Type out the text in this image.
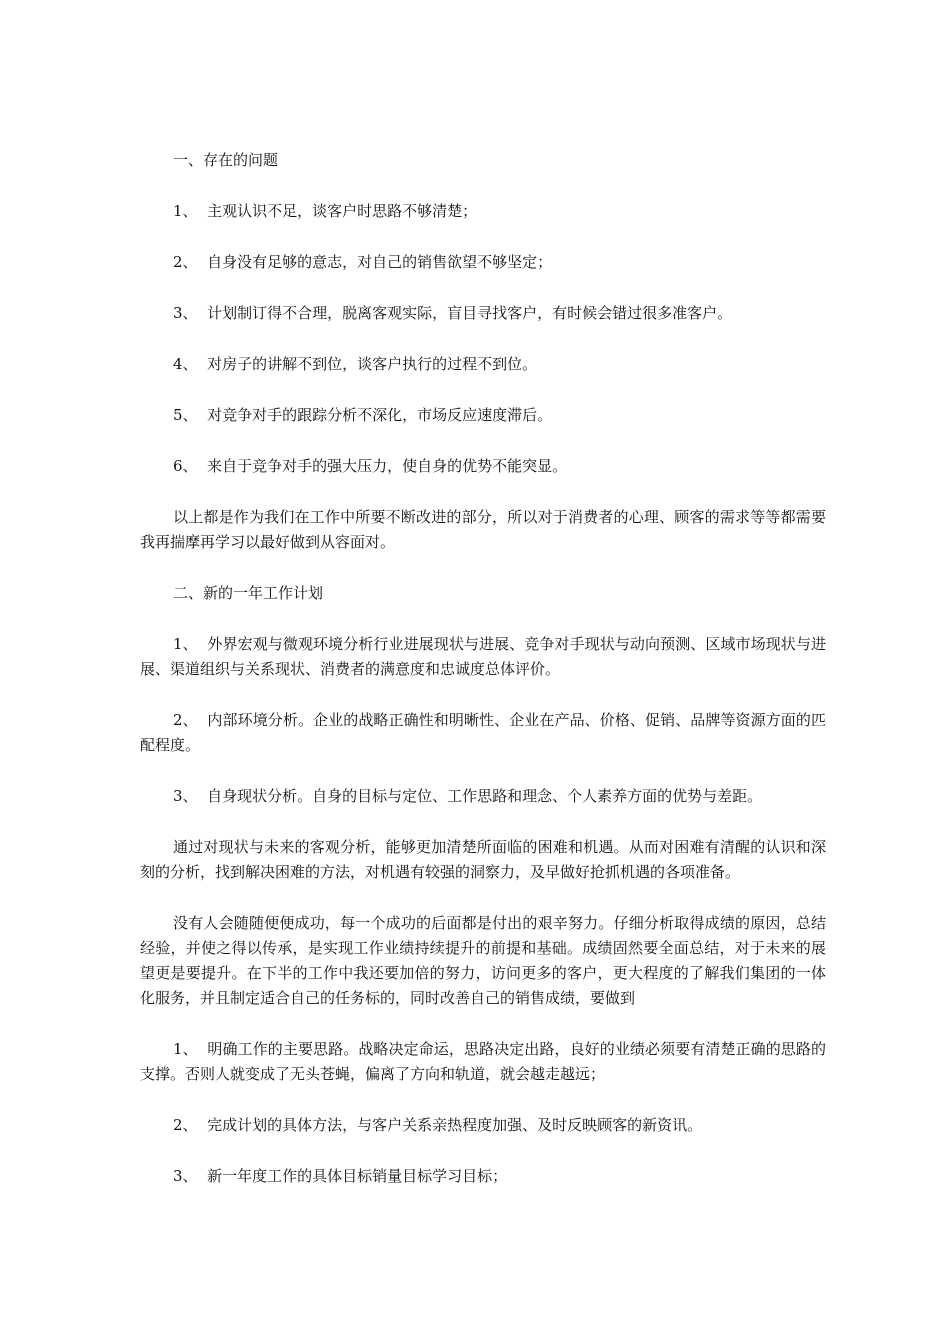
一、存在的问题

1、  主观认识不足，谈客户时思路不够清楚；

2、  自身没有足够的意志，对自己的销售欲望不够坚定；

3、  计划制订得不合理，脱离客观实际，盲目寻找客户，有时候会错过很多准客户。

4、  对房子的讲解不到位，谈客户执行的过程不到位。

5、  对竞争对手的跟踪分析不深化，市场反应速度滞后。

6、  来自于竞争对手的强大压力，使自身的优势不能突显。

以上都是作为我们在工作中所要不断改进的部分，所以对于消费者的心理、顾客的需求等等都需要我再揣摩再学习以最好做到从容面对。

二、新的一年工作计划

1、  外界宏观与微观环境分析行业进展现状与进展、竞争对手现状与动向预测、区域市场现状与进展、渠道组织与关系现状、消费者的满意度和忠诚度总体评价。

2、  内部环境分析。企业的战略正确性和明晰性、企业在产品、价格、促销、品牌等资源方面的匹配程度。

3、  自身现状分析。自身的目标与定位、工作思路和理念、个人素养方面的优势与差距。

通过对现状与未来的客观分析，能够更加清楚所面临的困难和机遇。从而对困难有清醒的认识和深刻的分析，找到解决困难的方法，对机遇有较强的洞察力，及早做好抢抓机遇的各项准备。

没有人会随随便便成功，每一个成功的后面都是付出的艰辛努力。仔细分析取得成绩的原因，总结经验，并使之得以传承，是实现工作业绩持续提升的前提和基础。成绩固然要全面总结，对于未来的展望更是要提升。在下半的工作中我还要加倍的努力，访问更多的客户，更大程度的了解我们集团的一体化服务，并且制定适合自己的任务标的，同时改善自己的销售成绩，要做到

1、  明确工作的主要思路。战略决定命运，思路决定出路，良好的业绩必须要有清楚正确的思路的支撑。否则人就变成了无头苍蝇，偏离了方向和轨道，就会越走越远；

2、  完成计划的具体方法，与客户关系亲热程度加强、及时反映顾客的新资讯。

3、  新一年度工作的具体目标销量目标学习目标；
